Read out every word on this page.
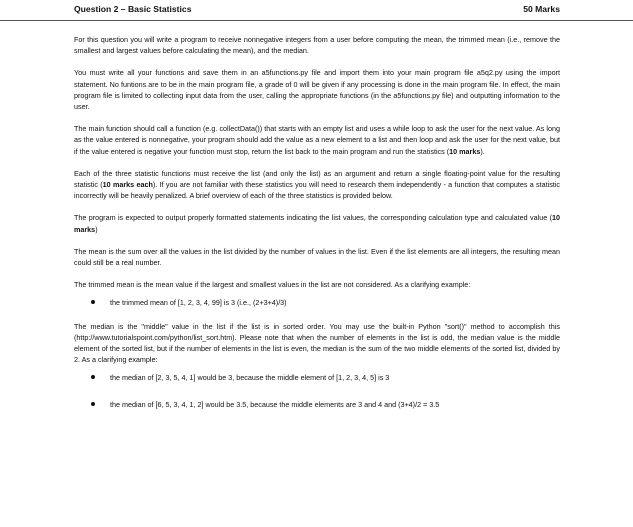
Question 2 – Basic Statistics	50 Marks

For this question you will write a program to receive nonnegative integers from a user before computing the mean, the trimmed mean (i.e., remove the smallest and largest values before calculating the mean), and the median.

You must write all your functions and save them in an a5functions.py file and import them into your main program file a5q2.py using the import statement. No funtions are to be in the main program file, a grade of 0 will be given if any processing is done in the main program file. In effect, the main program file is limited to collecting input data from the user, calling the appropriate functions (in the a5functions.py file) and outputting information to the user.

The main function should call a function (e.g. collectData()) that starts with an empty list and uses a while loop to ask the user for the next value. As long as the value entered is nonnegative, your program should add the value as a new element to a list and then loop and ask the user for the next value, but if the value entered is negative your function must stop, return the list back to the main program and run the statistics (10 marks).

Each of the three statistic functions must receive the list (and only the list) as an argument and return a single floating-point value for the resulting statistic (10 marks each). If you are not familiar with these statistics you will need to research them independently - a function that computes a statistic incorrectly will be heavily penalized. A brief overview of each of the three statistics is provided below.

The program is expected to output properly formatted statements indicating the list values, the corresponding calculation type and calculated value (10 marks)

The mean is the sum over all the values in the list divided by the number of values in the list. Even if the list elements are all integers, the resulting mean could still be a real number.

The trimmed mean is the mean value if the largest and smallest values in the list are not considered. As a clarifying example:

the trimmed mean of [1, 2, 3, 4, 99] is 3 (i.e., (2+3+4)/3)

The median is the "middle" value in the list if the list is in sorted order. You may use the built-in Python "sort()" method to accomplish this (http://www.tutorialspoint.com/python/list_sort.htm). Please note that when the number of elements in the list is odd, the median value is the middle element of the sorted list, but if the number of elements in the list is even, the median is the sum of the two middle elements of the sorted list, divided by 2. As a clarifying example:

the median of [2, 3, 5, 4, 1] would be 3, because the middle element of [1, 2, 3, 4, 5] is 3
the median of [6, 5, 3, 4, 1, 2] would be 3.5, because the middle elements are 3 and 4 and (3+4)/2 = 3.5
